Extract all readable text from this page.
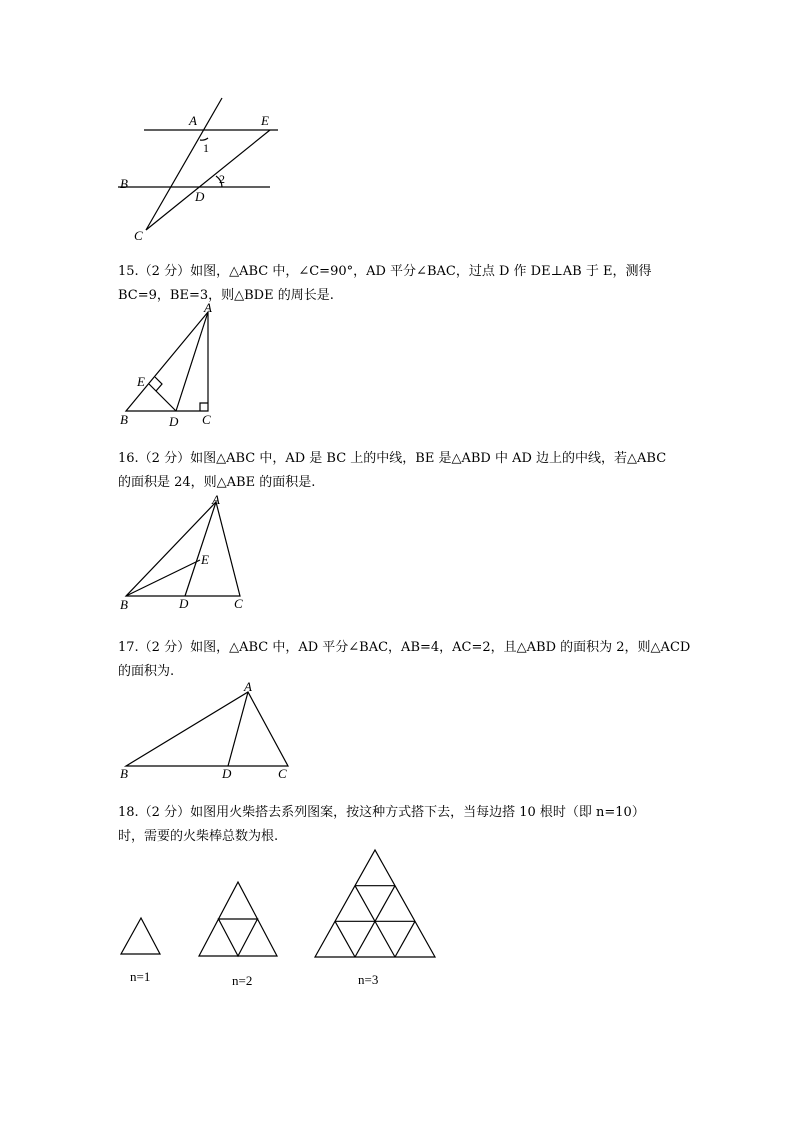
A	E
B
D
C
1
2
15.（2 分）如图，△ABC 中，∠C=90°，AD 平分∠BAC，过点 D 作 DE⊥AB 于 E，测得
BC=9，BE=3，则△BDE 的周长是.
A
E
B	D C
16.（2 分）如图△ABC 中，AD 是 BC 上的中线，BE 是△ABD 中 AD 边上的中线，若△ABC
的面积是 24，则△ABE 的面积是.
A
E
B	D	C
17.（2 分）如图，△ABC 中，AD 平分∠BAC，AB=4，AC=2，且△ABD 的面积为 2，则△ACD
的面积为.
A
B	D	C
18.（2 分）如图用火柴搭去系列图案，按这种方式搭下去，当每边搭 10 根时（即 n=10）
时，需要的火柴棒总数为根.
n=1	n=2	n=3
